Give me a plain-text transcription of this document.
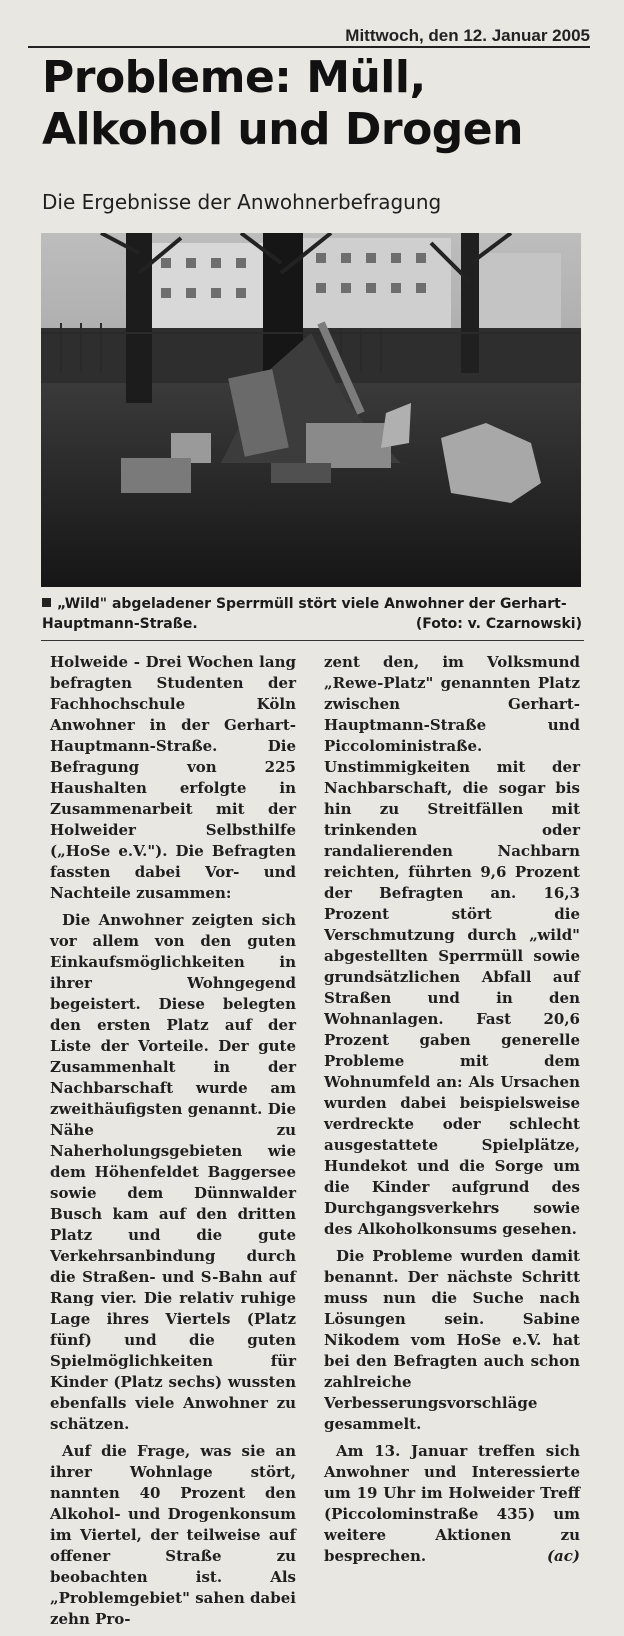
Mittwoch, den 12. Januar 2005
Probleme: Müll, Alkohol und Drogen
Die Ergebnisse der Anwohnerbefragung
„Wild" abgeladener Sperrmüll stört viele Anwohner der Gerhart-Hauptmann-Straße.	(Foto: v. Czarnowski)

Holweide - Drei Wochen lang befragten Studenten der Fachhochschule Köln Anwohner in der Gerhart-Hauptmann-Straße. Die Befragung von 225 Haushalten erfolgte in Zusammenarbeit mit der Holweider Selbsthilfe („HoSe e.V."). Die Befragten fassten dabei Vor- und Nachteile zusammen:

Die Anwohner zeigten sich vor allem von den guten Einkaufsmöglichkeiten in ihrer Wohngegend begeistert. Diese belegten den ersten Platz auf der Liste der Vorteile. Der gute Zusammenhalt in der Nachbarschaft wurde am zweithäufigsten genannt. Die Nähe zu Naherholungsgebieten wie dem Höhenfeldet Baggersee sowie dem Dünnwalder Busch kam auf den dritten Platz und die gute Verkehrsanbindung durch die Straßen- und S-Bahn auf Rang vier. Die relativ ruhige Lage ihres Viertels (Platz fünf) und die guten Spielmöglichkeiten für Kinder (Platz sechs) wussten ebenfalls viele Anwohner zu schätzen.

Auf die Frage, was sie an ihrer Wohnlage stört, nannten 40 Prozent den Alkohol- und Drogenkonsum im Viertel, der teilweise auf offener Straße zu beobachten ist. Als „Problemgebiet" sahen dabei zehn Pro-

zent den, im Volksmund „Rewe-Platz" genannten Platz zwischen Gerhart-Hauptmann-Straße und Piccoloministraße. Unstimmigkeiten mit der Nachbarschaft, die sogar bis hin zu Streitfällen mit trinkenden oder randalierenden Nachbarn reichten, führten 9,6 Prozent der Befragten an. 16,3 Prozent stört die Verschmutzung durch „wild" abgestellten Sperrmüll sowie grundsätzlichen Abfall auf Straßen und in den Wohnanlagen. Fast 20,6 Prozent gaben generelle Probleme mit dem Wohnumfeld an: Als Ursachen wurden dabei beispielsweise verdreckte oder schlecht ausgestattete Spielplätze, Hundekot und die Sorge um die Kinder aufgrund des Durchgangsverkehrs sowie des Alkoholkonsums gesehen.

Die Probleme wurden damit benannt. Der nächste Schritt muss nun die Suche nach Lösungen sein. Sabine Nikodem vom HoSe e.V. hat bei den Befragten auch schon zahlreiche Verbesserungsvorschläge gesammelt.

Am 13. Januar treffen sich Anwohner und Interessierte um 19 Uhr im Holweider Treff (Piccolominstraße 435) um weitere Aktionen zu besprechen.	(ac)
